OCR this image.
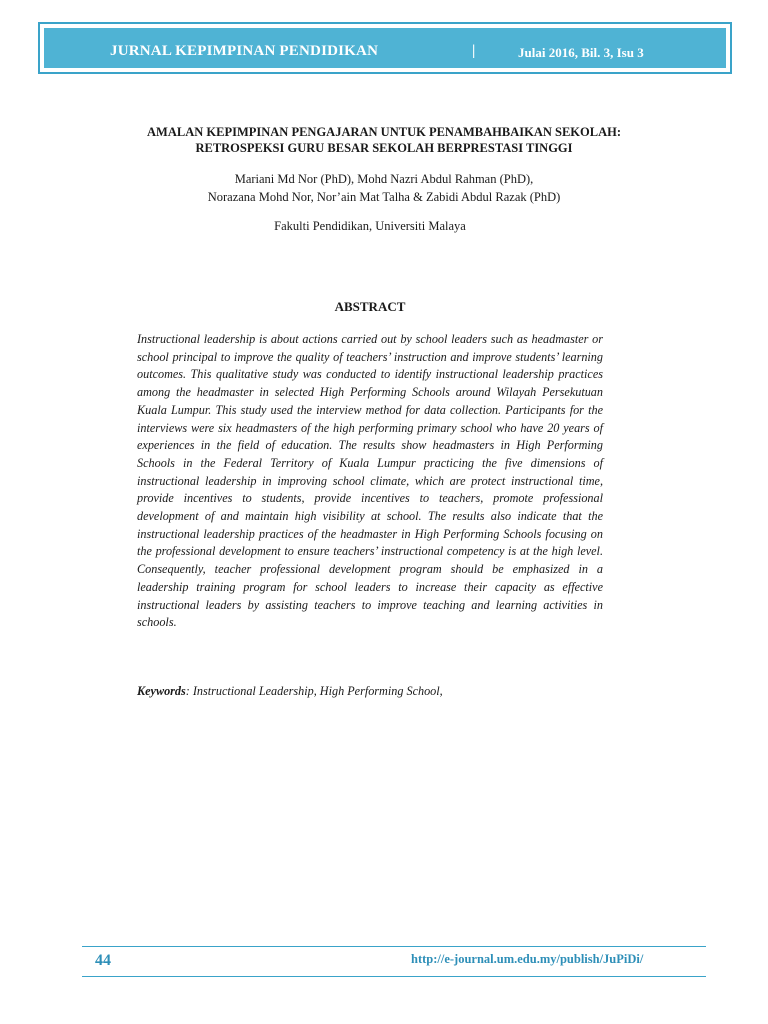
JURNAL KEPIMPINAN PENDIDIKAN	|	Julai 2016, Bil. 3, Isu 3
AMALAN KEPIMPINAN PENGAJARAN UNTUK PENAMBAHBAIKAN SEKOLAH:
RETROSPEKSI GURU BESAR SEKOLAH BERPRESTASI TINGGI
Mariani Md Nor (PhD), Mohd Nazri Abdul Rahman (PhD),
Norazana Mohd Nor, Nor’ain Mat Talha & Zabidi Abdul Razak (PhD)
Fakulti Pendidikan, Universiti Malaya
ABSTRACT

Instructional leadership is about actions carried out by school leaders such as headmaster or school principal to improve the quality of teachers’ instruction and improve students’ learning outcomes. This qualitative study was conducted to identify instructional leadership practices among the headmaster in selected High Performing Schools around Wilayah Persekutuan Kuala Lumpur. This study used the interview method for data collection. Participants for the interviews were six headmasters of the high performing primary school who have 20 years of experiences in the field of education. The results show headmasters in High Performing Schools in the Federal Territory of Kuala Lumpur practicing the five dimensions of instructional leadership in improving school climate, which are protect instructional time, provide incentives to students, provide incentives to teachers, promote professional development of and maintain high visibility at school. The results also indicate that the instructional leadership practices of the headmaster in High Performing Schools focusing on the professional development to ensure teachers’ instructional competency is at the high level. Consequently, teacher professional development program should be emphasized in a leadership training program for school leaders to increase their capacity as effective instructional leaders by assisting teachers to improve teaching and learning activities in schools.

Keywords: Instructional Leadership, High Performing School,

44	http://e-journal.um.edu.my/publish/JuPiDi/
